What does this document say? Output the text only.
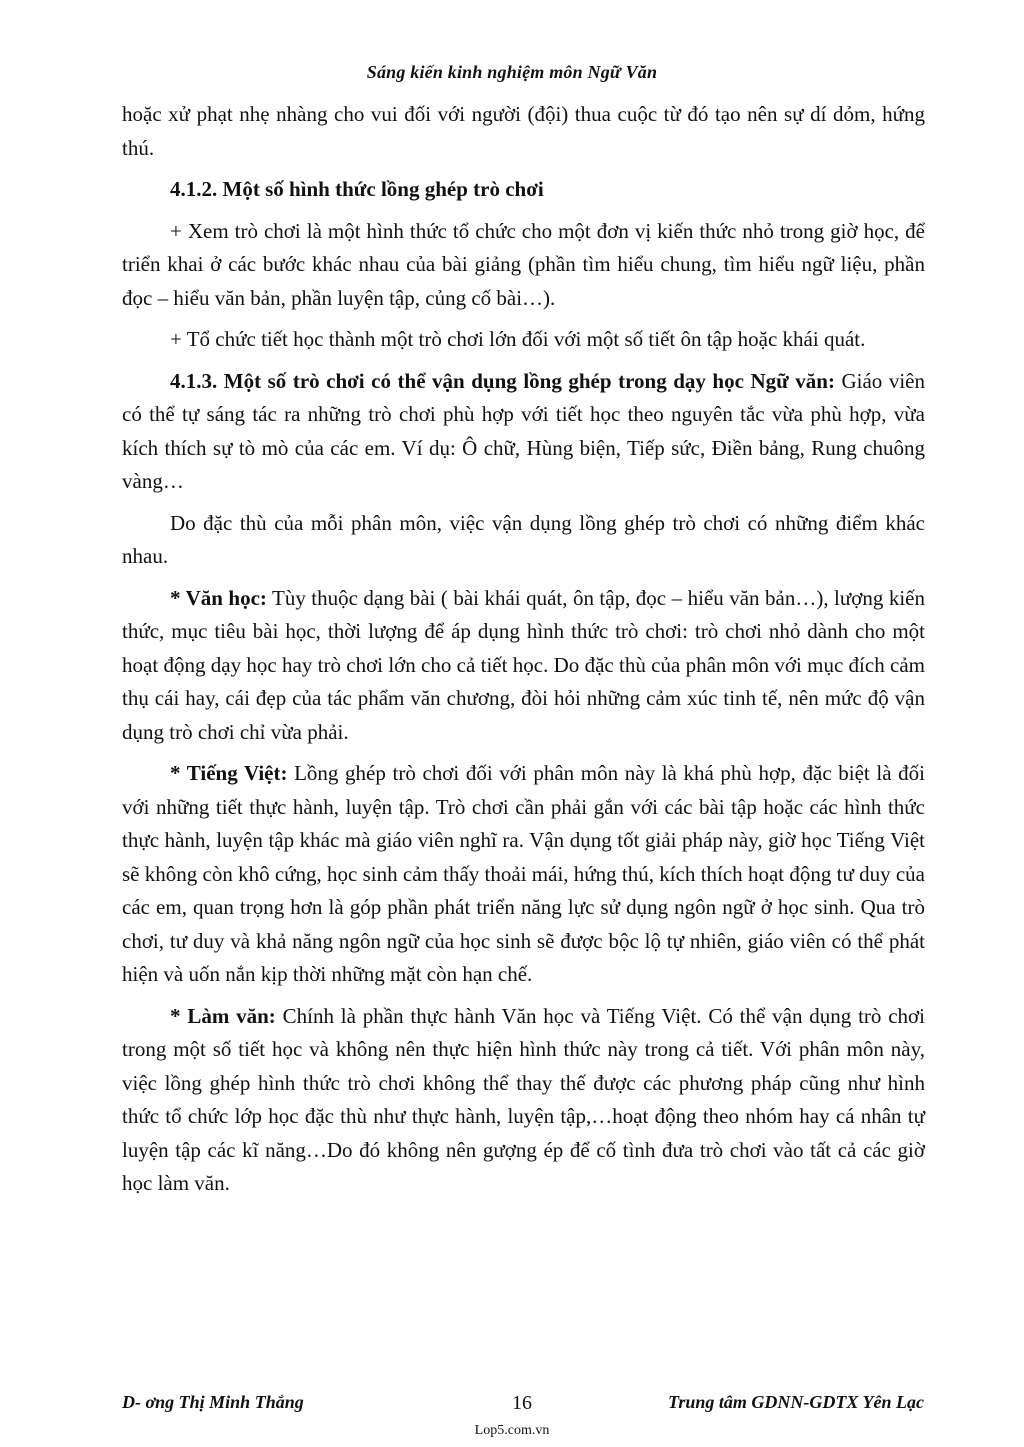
Sáng kiến kinh nghiệm môn Ngữ Văn

hoặc xử phạt nhẹ nhàng cho vui đối với người (đội) thua cuộc từ đó tạo nên sự dí dỏm, hứng thú.

4.1.2. Một số hình thức lồng ghép trò chơi

+ Xem trò chơi là một hình thức tổ chức cho một đơn vị kiến thức nhỏ trong giờ học, để triển khai ở các bước khác nhau của bài giảng (phần tìm hiểu chung, tìm hiểu ngữ liệu, phần đọc – hiểu văn bản, phần luyện tập, củng cố bài…).

+ Tổ chức tiết học thành một trò chơi lớn đối với một số tiết ôn tập hoặc khái quát.

4.1.3. Một số trò chơi có thể vận dụng lồng ghép trong dạy học Ngữ văn: Giáo viên có thể tự sáng tác ra những trò chơi phù hợp với tiết học theo nguyên tắc vừa phù hợp, vừa kích thích sự tò mò của các em. Ví dụ: Ô chữ, Hùng biện, Tiếp sức, Điền bảng, Rung chuông vàng…

Do đặc thù của mỗi phân môn, việc vận dụng lồng ghép trò chơi có những điểm khác nhau.

* Văn học: Tùy thuộc dạng bài ( bài khái quát, ôn tập, đọc – hiểu văn bản…), lượng kiến thức, mục tiêu bài học, thời lượng để áp dụng hình thức trò chơi: trò chơi nhỏ dành cho một hoạt động dạy học hay trò chơi lớn cho cả tiết học. Do đặc thù của phân môn với mục đích cảm thụ cái hay, cái đẹp của tác phẩm văn chương, đòi hỏi những cảm xúc tinh tế, nên mức độ vận dụng trò chơi chỉ vừa phải.

* Tiếng Việt: Lồng ghép trò chơi đối với phân môn này là khá phù hợp, đặc biệt là đối với những tiết thực hành, luyện tập. Trò chơi cần phải gắn với các bài tập hoặc các hình thức thực hành, luyện tập khác mà giáo viên nghĩ ra. Vận dụng tốt giải pháp này, giờ học Tiếng Việt sẽ không còn khô cứng, học sinh cảm thấy thoải mái, hứng thú, kích thích hoạt động tư duy của các em, quan trọng hơn là góp phần phát triển năng lực sử dụng ngôn ngữ ở học sinh. Qua trò chơi, tư duy và khả năng ngôn ngữ của học sinh sẽ được bộc lộ tự nhiên, giáo viên có thể phát hiện và uốn nắn kịp thời những mặt còn hạn chế.

* Làm văn: Chính là phần thực hành Văn học và Tiếng Việt. Có thể vận dụng trò chơi trong một số tiết học và không nên thực hiện hình thức này trong cả tiết. Với phân môn này, việc lồng ghép hình thức trò chơi không thể thay thế được các phương pháp cũng như hình thức tổ chức lớp học đặc thù như thực hành, luyện tập,…hoạt động theo nhóm hay cá nhân tự luyện tập các kĩ năng…Do đó không nên gượng ép để cố tình đưa trò chơi vào tất cả các giờ học làm văn.

D- ơng Thị Minh Thắng	16	Trung tâm GDNN-GDTX Yên Lạc
Lop5.com.vn
